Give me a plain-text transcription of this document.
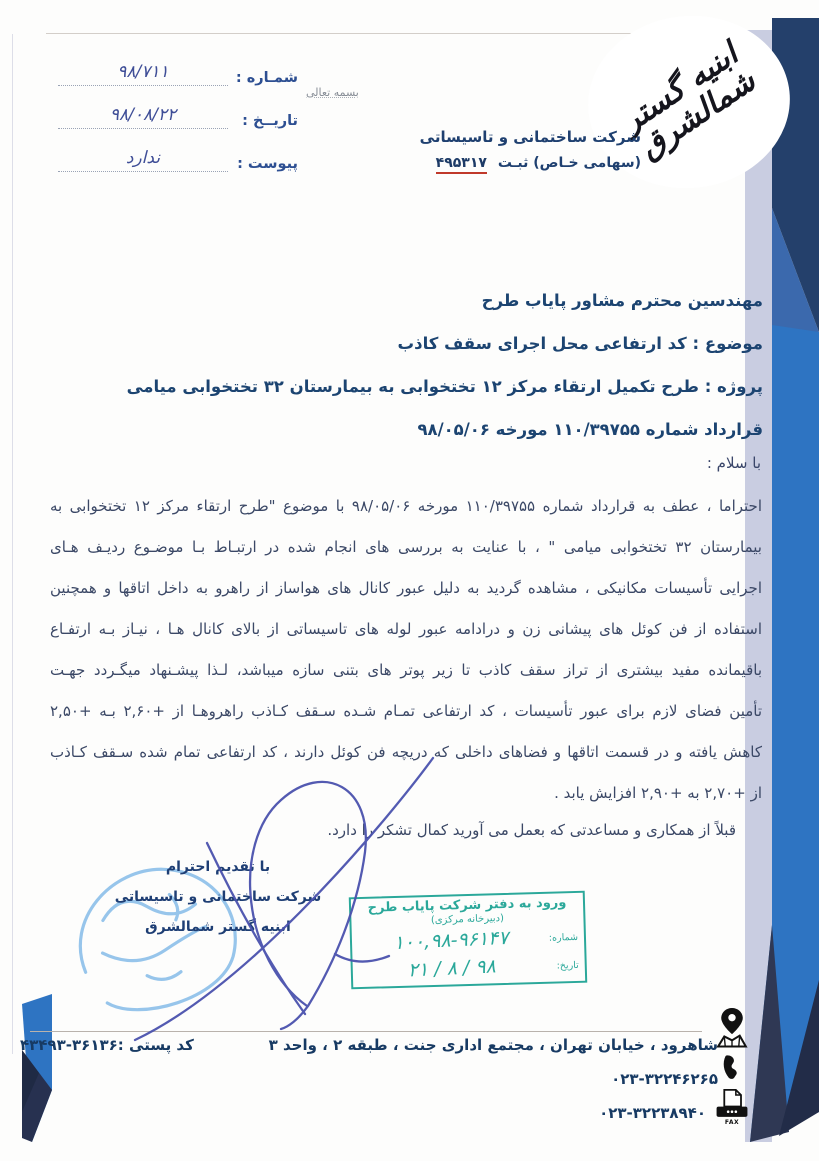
ابنیه گستر شمالشرق
شرکت ساختمانی و تاسیساتی
(سهامی خـاص) ثبـت ۴۹۵۳۱۷
شمـاره :
۹۸/۷۱۱
تاریــخ :
۹۸/۰۸/۲۲
پیوست :
ندارد
بسمه تعالی
مهندسین محترم مشاور پایاب طرح
موضوع : کد ارتفاعی محل اجرای سقف کاذب
پروژه : طرح تکمیل ارتقاء مرکز ۱۲ تختخوابی به بیمارستان ۳۲ تختخوابی میامی
قرارداد شماره ۱۱۰/۳۹۷۵۵ مورخه ۹۸/۰۵/۰۶
با سلام :
احتراما ، عطف به قرارداد شماره ۱۱۰/۳۹۷۵۵ مورخه ۹۸/۰۵/۰۶ با موضوع "طرح ارتقاء مرکز ۱۲ تختخوابی به
بیمارستان ۳۲ تختخوابی میامی " ، با عنایت به بررسی های انجام شده در ارتبـاط بـا موضـوع ردیـف هـای
اجرایی تأسیسات مکانیکی ، مشاهده گردید به دلیل عبور کانال های هواساز از راهرو به داخل اتاقها و همچنین
استفاده از فن کوئل های پیشانی زن و درادامه عبور لوله های تاسیساتی از بالای کانال هـا ، نیـاز بـه ارتفـاع
باقیمانده مفید بیشتری از تراز سقف کاذب تا زیر پوتر های بتنی سازه میباشد، لـذا پیشـنهاد میگـردد جهـت
تأمین فضای لازم برای عبور تأسیسات ، کد ارتفاعی تمـام شـده سـقف کـاذب راهروهـا از +۲,۶۰ بـه +۲,۵۰
کاهش یافته و در قسمت اتاقها و فضاهای داخلی که دریچه فن کوئل دارند ، کد ارتفاعی تمام شده سـقف کـاذب
از +۲,۷۰ به +۲,۹۰ افزایش یابد .
قبلاً از همکاری و مساعدتی که بعمل می آورید کمال تشکر را دارد.
با تقدیم احترام
شرکت ساختمانی و تاسیساتی
ابنیه گستر شمالشرق
ورود به دفتر شرکت پایاب طرح
(دبیرخانه مرکزی)
شماره:
۱۰۰,۹۸-۹۶۱۴۷
تاریخ:
۲۱ / ۸ / ۹۸
شاهرود ، خیابان تهران ، مجتمع اداری جنت ، طبقه ۲ ، واحد ۳
کد پستی :۳۶۱۳۶-۴۳۴۹۳
۰۲۳-۳۲۲۴۶۲۶۵
۰۲۳-۳۲۲۳۸۹۴۰
FAX
